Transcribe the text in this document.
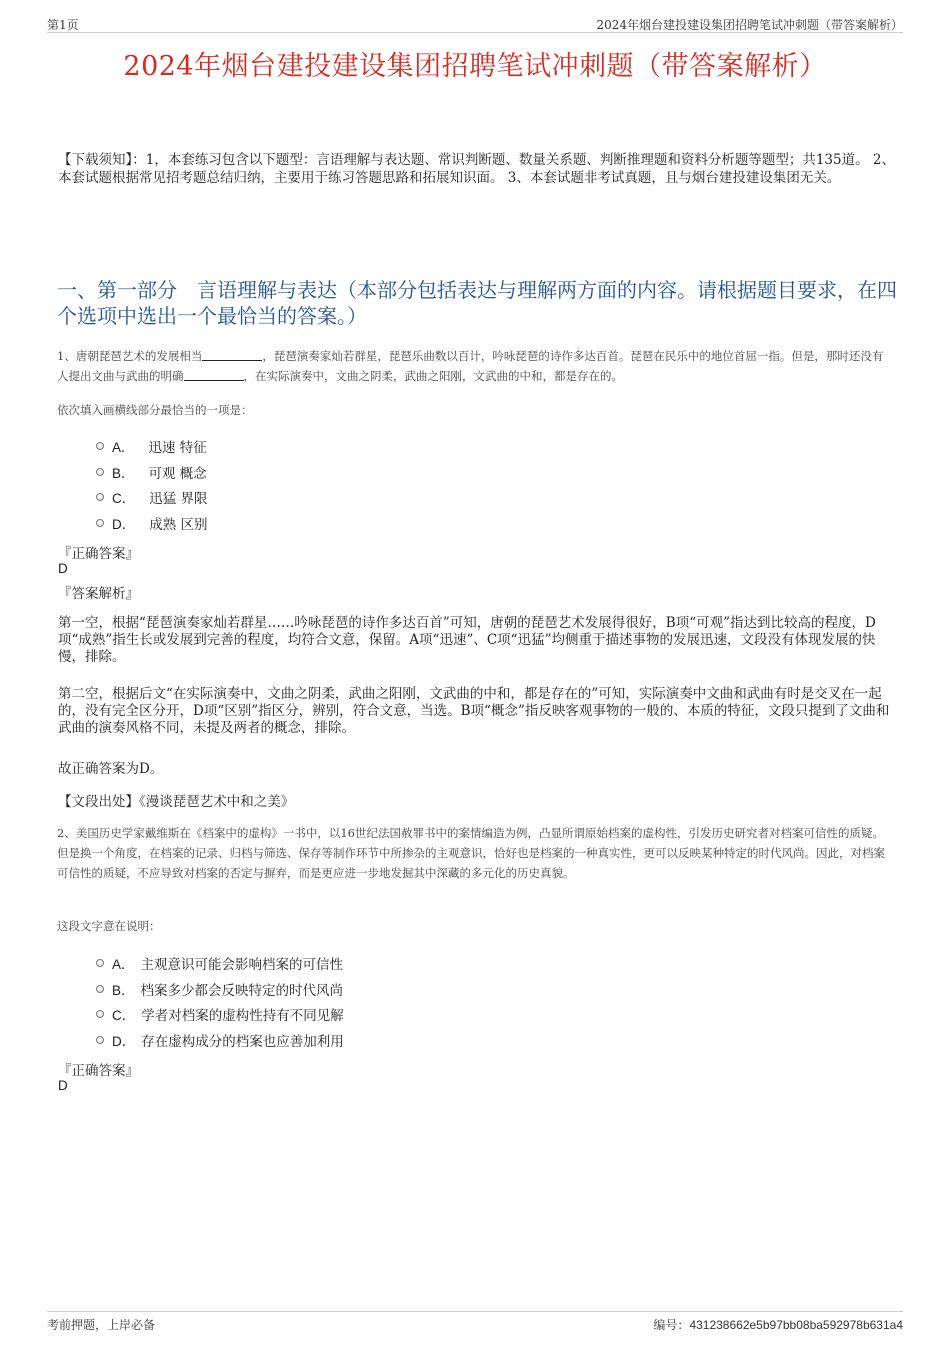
第1页	2024年烟台建投建设集团招聘笔试冲刺题（带答案解析）
2024年烟台建投建设集团招聘笔试冲刺题（带答案解析）
【下载须知】：1，本套练习包含以下题型：言语理解与表达题、常识判断题、数量关系题、判断推理题和资料分析题等题型；共135道。 2、本套试题根据常见招考题总结归纳，主要用于练习答题思路和拓展知识面。 3、本套试题非考试真题，且与烟台建投建设集团无关。
一、第一部分　言语理解与表达（本部分包括表达与理解两方面的内容。请根据题目要求，在四个选项中选出一个最恰当的答案。）
1、唐朝琵琶艺术的发展相当	，琵琶演奏家灿若群星，琵琶乐曲数以百计，吟咏琵琶的诗作多达百首。琵琶在民乐中的地位首屈一指。但是，那时还没有人提出文曲与武曲的明确	，在实际演奏中，文曲之阴柔，武曲之阳刚，文武曲的中和，都是存在的。
依次填入画横线部分最恰当的一项是：
A． 迅速 特征
B． 可观 概念
C． 迅猛 界限
D． 成熟 区别
『正确答案』
D
『答案解析』
第一空，根据“琵琶演奏家灿若群星……吟咏琵琶的诗作多达百首”可知，唐朝的琵琶艺术发展得很好，B项“可观”指达到比较高的程度，D项“成熟”指生长或发展到完善的程度，均符合文意，保留。A项“迅速”、C项“迅猛”均侧重于描述事物的发展迅速，文段没有体现发展的快慢，排除。
第二空，根据后文“在实际演奏中，文曲之阴柔，武曲之阳刚，文武曲的中和，都是存在的”可知，实际演奏中文曲和武曲有时是交叉在一起的，没有完全区分开，D项“区别”指区分，辨别，符合文意，当选。B项“概念”指反映客观事物的一般的、本质的特征，文段只提到了文曲和武曲的演奏风格不同，未提及两者的概念，排除。
故正确答案为D。
【文段出处】《漫谈琵琶艺术中和之美》
2、美国历史学家戴维斯在《档案中的虚构》一书中，以16世纪法国赦罪书中的案情编造为例，凸显所谓原始档案的虚构性，引发历史研究者对档案可信性的质疑。但是换一个角度，在档案的记录、归档与筛选、保存等制作环节中所掺杂的主观意识，恰好也是档案的一种真实性，更可以反映某种特定的时代风尚。因此，对档案可信性的质疑，不应导致对档案的否定与摒弃，而是更应进一步地发掘其中深藏的多元化的历史真貌。
这段文字意在说明：
A． 主观意识可能会影响档案的可信性
B． 档案多少都会反映特定的时代风尚
C． 学者对档案的虚构性持有不同见解
D． 存在虚构成分的档案也应善加利用
『正确答案』
D
考前押题，上岸必备	编号：431238662e5b97bb08ba592978b631a4
